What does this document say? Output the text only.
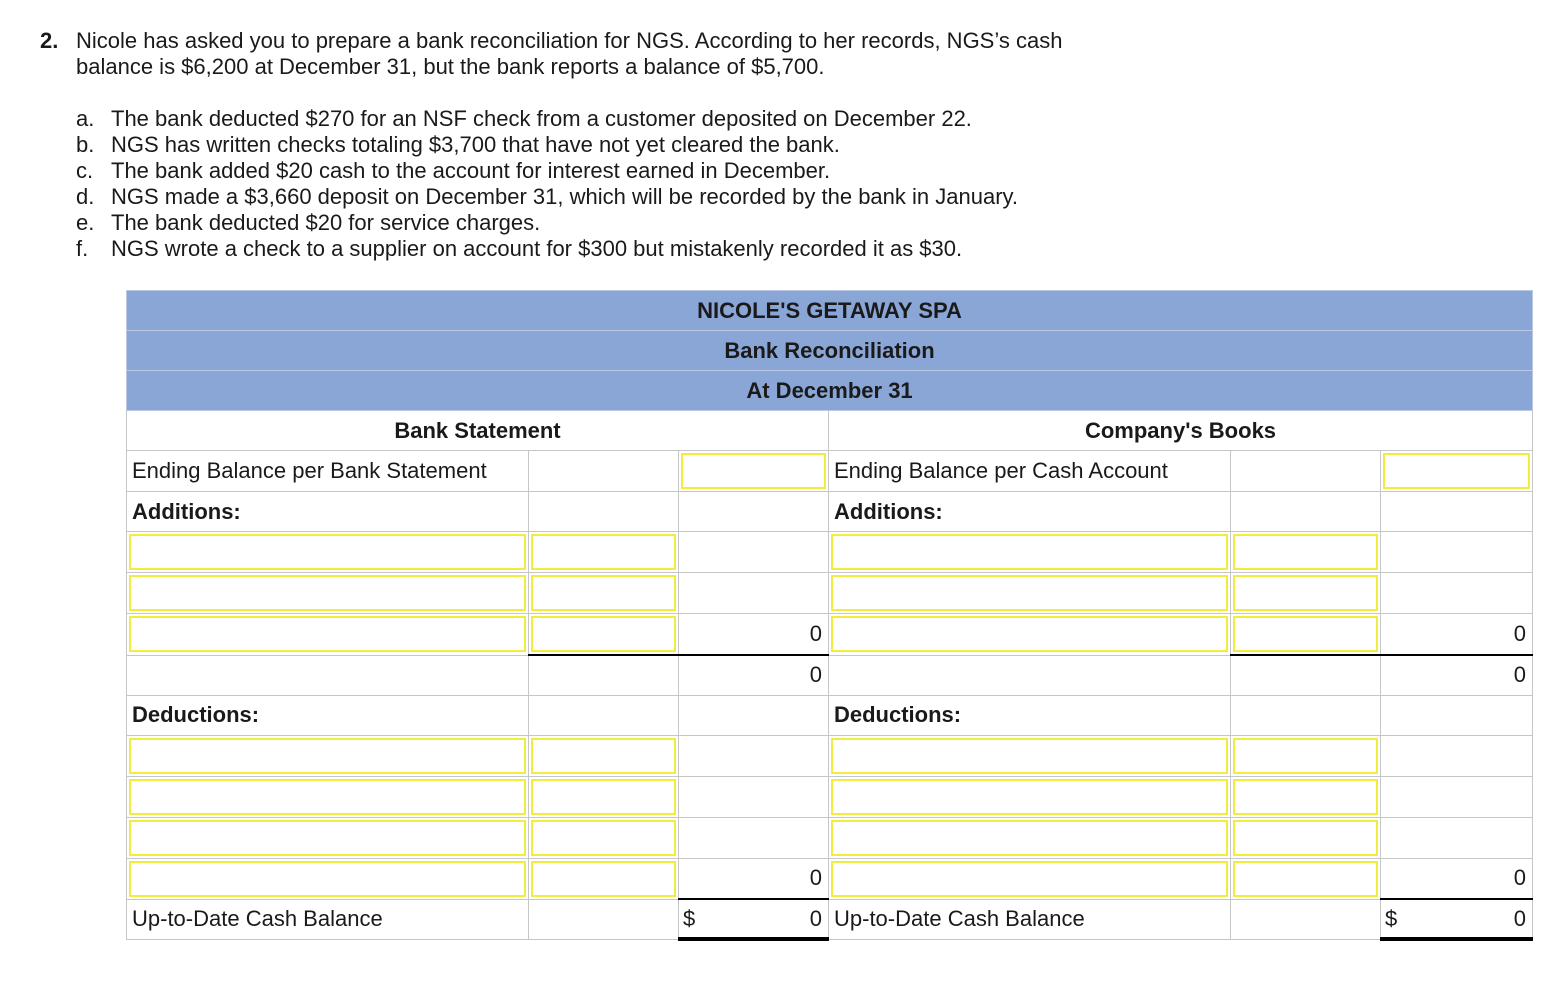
2. Nicole has asked you to prepare a bank reconciliation for NGS. According to her records, NGS’s cash
balance is $6,200 at December 31, but the bank reports a balance of $5,700.
a. The bank deducted $270 for an NSF check from a customer deposited on December 22.
b. NGS has written checks totaling $3,700 that have not yet cleared the bank.
c. The bank added $20 cash to the account for interest earned in December.
d. NGS made a $3,660 deposit on December 31, which will be recorded by the bank in January.
e. The bank deducted $20 for service charges.
f.	NGS wrote a check to a supplier on account for $300 but mistakenly recorded it as $30.
NICOLE'S GETAWAY SPA					
Bank Reconciliation					
At December 31					
Bank Statement			Company's Books		
Ending Balance per Bank Statement			Ending Balance per Cash Account		
Additions:			Additions:		

		0			0
		0			0
Deductions:			Deductions:		

		0			0
Up-to-Date Cash Balance		$ 0	Up-to-Date Cash Balance		$ 0
